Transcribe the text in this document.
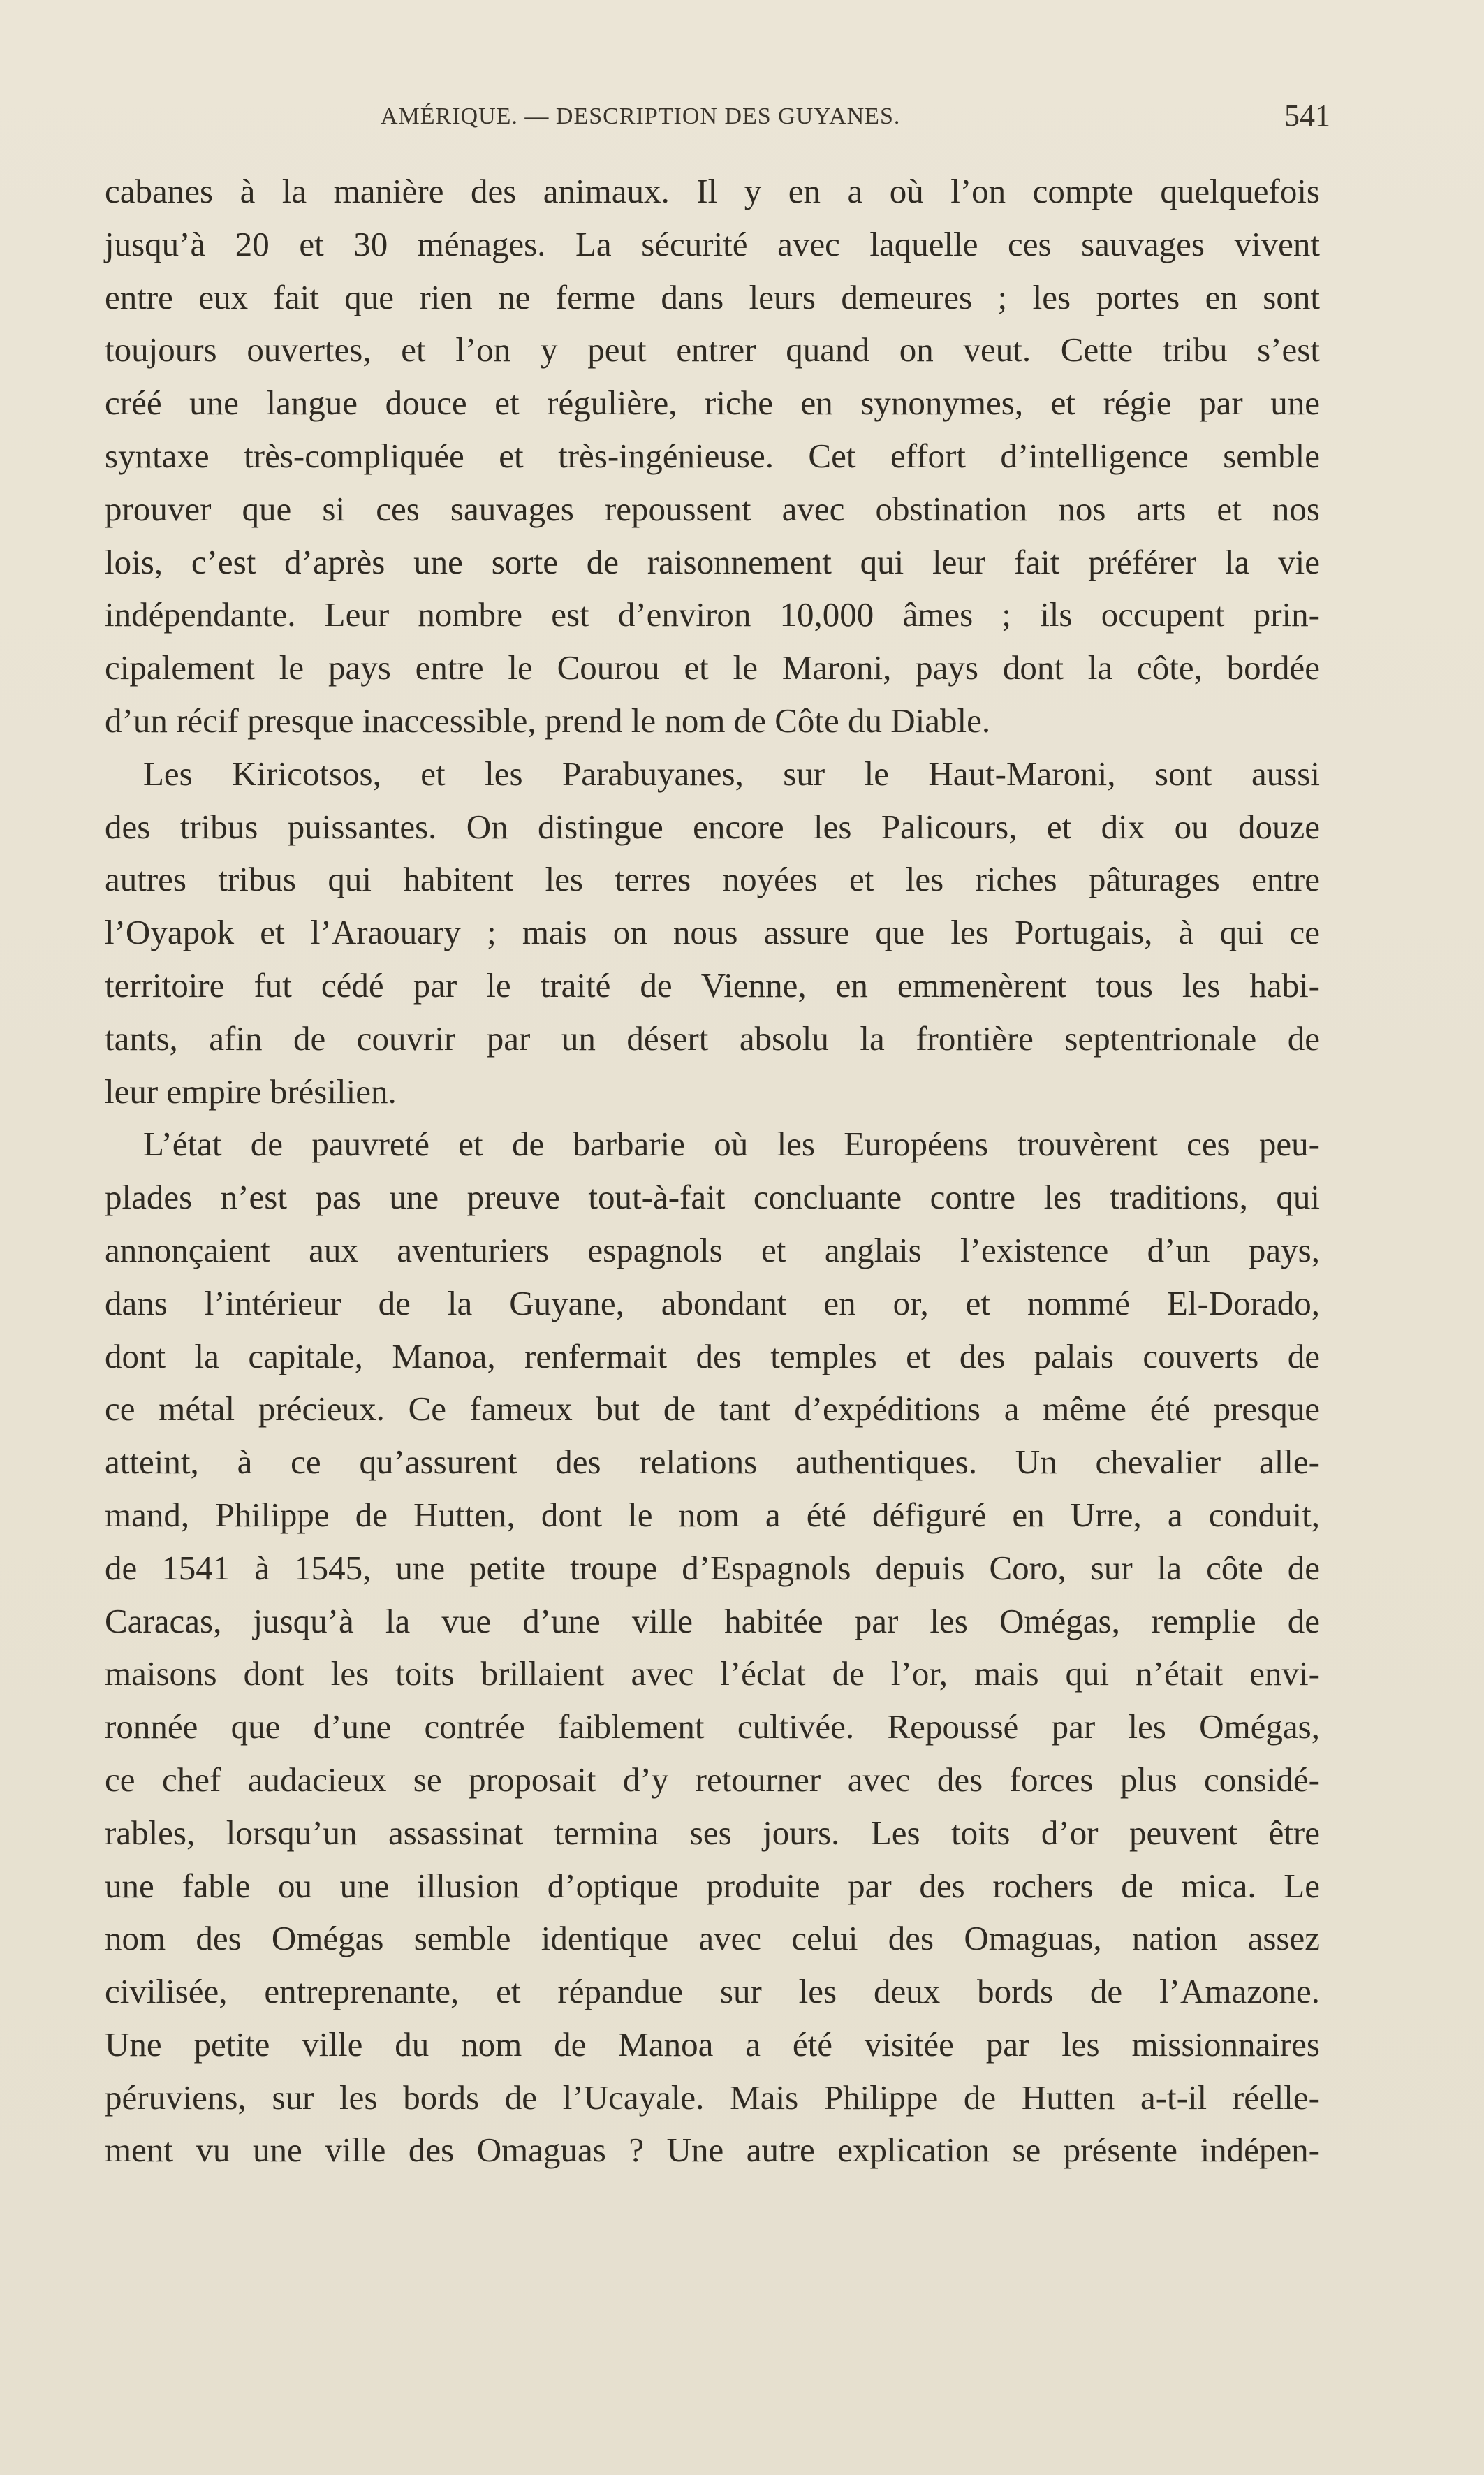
AMÉRIQUE. — DESCRIPTION DES GUYANES.	541
cabanes à la manière des animaux. Il y en a où l’on compte quelquefois
jusqu’à 20 et 30 ménages. La sécurité avec laquelle ces sauvages vivent
entre eux fait que rien ne ferme dans leurs demeures ; les portes en sont
toujours ouvertes, et l’on y peut entrer quand on veut. Cette tribu s’est
créé une langue douce et régulière, riche en synonymes, et régie par une
syntaxe très-compliquée et très-ingénieuse. Cet effort d’intelligence semble
prouver que si ces sauvages repoussent avec obstination nos arts et nos
lois, c’est d’après une sorte de raisonnement qui leur fait préférer la vie
indépendante. Leur nombre est d’environ 10,000 âmes ; ils occupent prin-
cipalement le pays entre le Courou et le Maroni, pays dont la côte, bordée
d’un récif presque inaccessible, prend le nom de Côte du Diable.
Les Kiricotsos, et les Parabuyanes, sur le Haut-Maroni, sont aussi
des tribus puissantes. On distingue encore les Palicours, et dix ou douze
autres tribus qui habitent les terres noyées et les riches pâturages entre
l’Oyapok et l’Araouary ; mais on nous assure que les Portugais, à qui ce
territoire fut cédé par le traité de Vienne, en emmenèrent tous les habi-
tants, afin de couvrir par un désert absolu la frontière septentrionale de
leur empire brésilien.
L’état de pauvreté et de barbarie où les Européens trouvèrent ces peu-
plades n’est pas une preuve tout-à-fait concluante contre les traditions, qui
annonçaient aux aventuriers espagnols et anglais l’existence d’un pays,
dans l’intérieur de la Guyane, abondant en or, et nommé El-Dorado,
dont la capitale, Manoa, renfermait des temples et des palais couverts de
ce métal précieux. Ce fameux but de tant d’expéditions a même été presque
atteint, à ce qu’assurent des relations authentiques. Un chevalier alle-
mand, Philippe de Hutten, dont le nom a été défiguré en Urre, a conduit,
de 1541 à 1545, une petite troupe d’Espagnols depuis Coro, sur la côte de
Caracas, jusqu’à la vue d’une ville habitée par les Omégas, remplie de
maisons dont les toits brillaient avec l’éclat de l’or, mais qui n’était envi-
ronnée que d’une contrée faiblement cultivée. Repoussé par les Omégas,
ce chef audacieux se proposait d’y retourner avec des forces plus considé-
rables, lorsqu’un assassinat termina ses jours. Les toits d’or peuvent être
une fable ou une illusion d’optique produite par des rochers de mica. Le
nom des Omégas semble identique avec celui des Omaguas, nation assez
civilisée, entreprenante, et répandue sur les deux bords de l’Amazone.
Une petite ville du nom de Manoa a été visitée par les missionnaires
péruviens, sur les bords de l’Ucayale. Mais Philippe de Hutten a-t-il réelle-
ment vu une ville des Omaguas ? Une autre explication se présente indépen-
